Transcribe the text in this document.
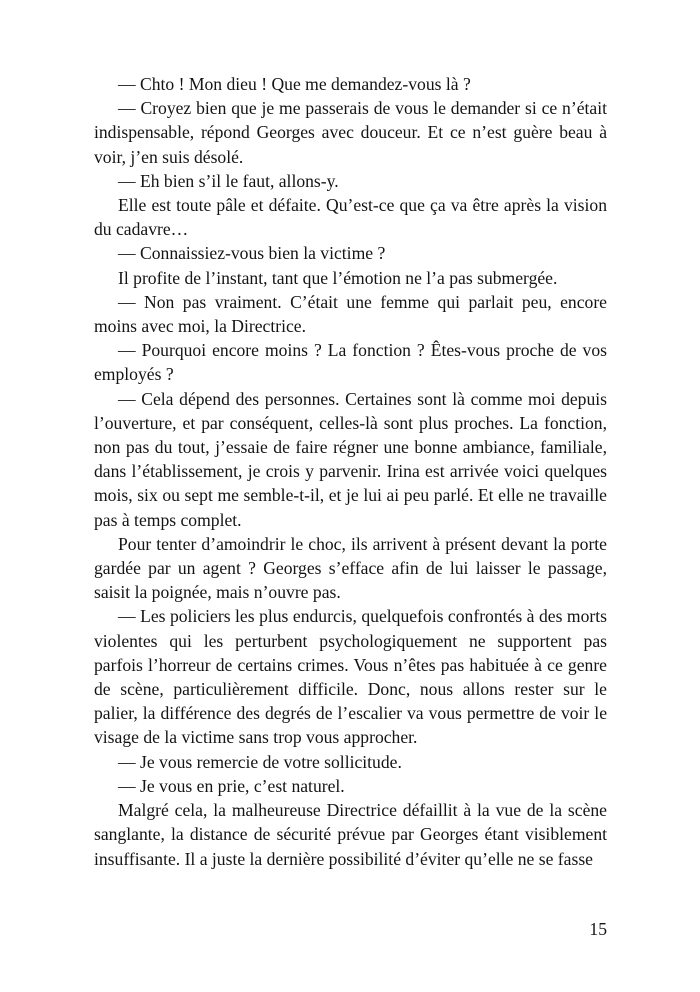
— Chto ! Mon dieu ! Que me demandez-vous là ?

— Croyez bien que je me passerais de vous le demander si ce n’était indispensable, répond Georges avec douceur. Et ce n’est guère beau à voir, j’en suis désolé.

— Eh bien s’il le faut, allons-y.

Elle est toute pâle et défaite. Qu’est-ce que ça va être après la vision du cadavre…

— Connaissiez-vous bien la victime ?

Il profite de l’instant, tant que l’émotion ne l’a pas submergée.

— Non pas vraiment. C’était une femme qui parlait peu, encore moins avec moi, la Directrice.

— Pourquoi encore moins ? La fonction ? Êtes-vous proche de vos employés ?

— Cela dépend des personnes. Certaines sont là comme moi depuis l’ouverture, et par conséquent, celles-là sont plus proches. La fonction, non pas du tout, j’essaie de faire régner une bonne ambiance, familiale, dans l’établissement, je crois y parvenir. Irina est arrivée voici quelques mois, six ou sept me semble-t-il, et je lui ai peu parlé. Et elle ne travaille pas à temps complet.

Pour tenter d’amoindrir le choc, ils arrivent à présent devant la porte gardée par un agent ? Georges s’efface afin de lui laisser le passage, saisit la poignée, mais n’ouvre pas.

— Les policiers les plus endurcis, quelquefois confrontés à des morts violentes qui les perturbent psychologiquement ne supportent pas parfois l’horreur de certains crimes. Vous n’êtes pas habituée à ce genre de scène, particulièrement difficile. Donc, nous allons rester sur le palier, la différence des degrés de l’escalier va vous permettre de voir le visage de la victime sans trop vous approcher.

— Je vous remercie de votre sollicitude.

— Je vous en prie, c’est naturel.

Malgré cela, la malheureuse Directrice défaillit à la vue de la scène sanglante, la distance de sécurité prévue par Georges étant visiblement insuffisante. Il a juste la dernière possibilité d’éviter qu’elle ne se fasse

15
